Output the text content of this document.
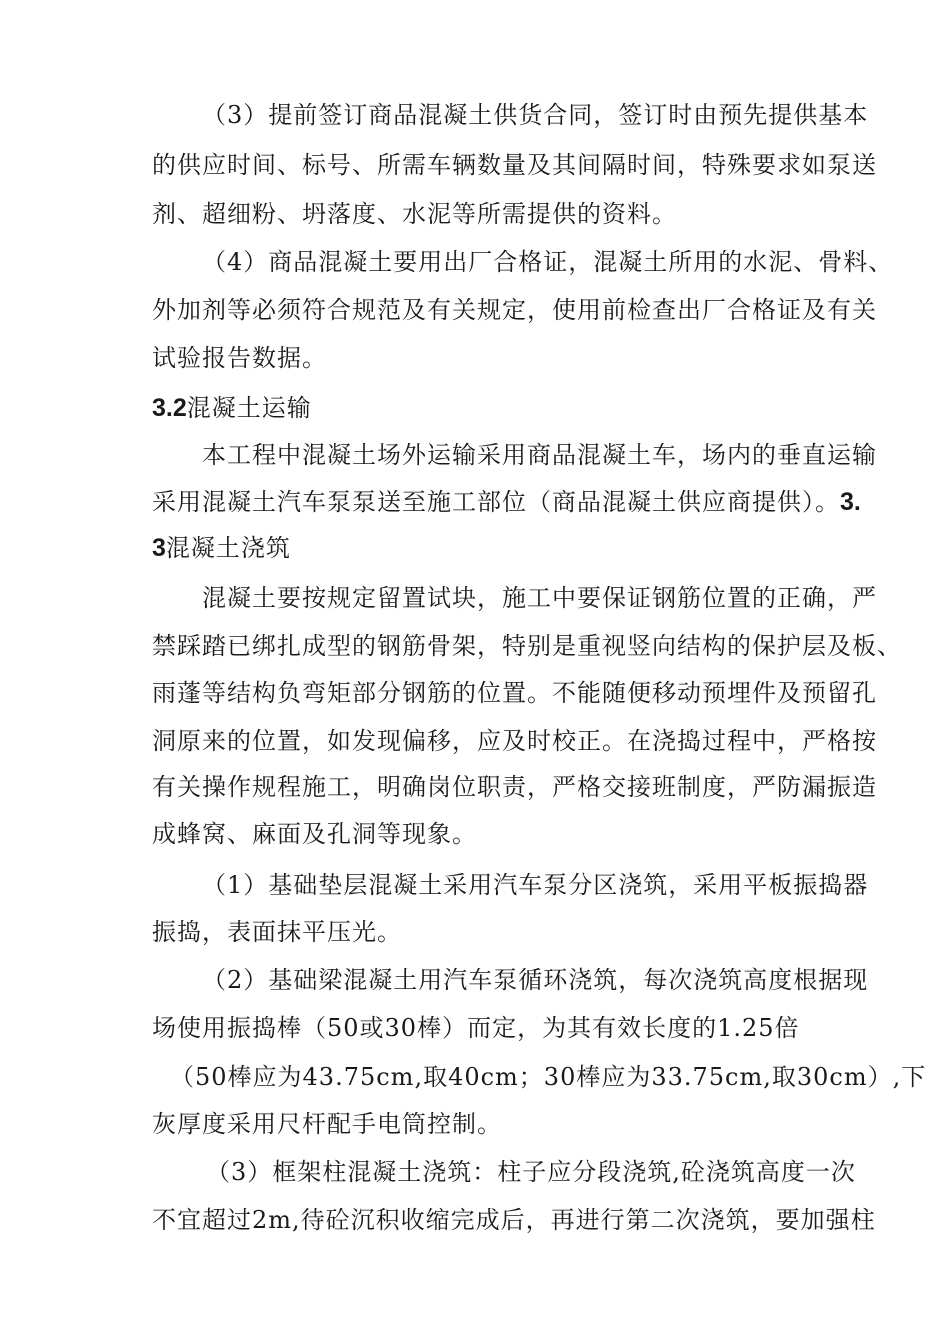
（3）提前签订商品混凝土供货合同，签订时由预先提供基本

的供应时间、标号、所需车辆数量及其间隔时间，特殊要求如泵送

剂、超细粉、坍落度、水泥等所需提供的资料。

（4）商品混凝土要用出厂合格证，混凝土所用的水泥、骨料、

外加剂等必须符合规范及有关规定，使用前检查出厂合格证及有关

试验报告数据。

3.2混凝土运输

本工程中混凝土场外运输采用商品混凝土车，场内的垂直运输

采用混凝土汽车泵泵送至施工部位（商品混凝土供应商提供）。3.

3混凝土浇筑

混凝土要按规定留置试块，施工中要保证钢筋位置的正确，严

禁踩踏已绑扎成型的钢筋骨架，特别是重视竖向结构的保护层及板、

雨蓬等结构负弯矩部分钢筋的位置。不能随便移动预埋件及预留孔

洞原来的位置，如发现偏移，应及时校正。在浇捣过程中，严格按

有关操作规程施工，明确岗位职责，严格交接班制度，严防漏振造

成蜂窝、麻面及孔洞等现象。

（1）基础垫层混凝土采用汽车泵分区浇筑，采用平板振捣器

振捣，表面抹平压光。

（2）基础梁混凝土用汽车泵循环浇筑，每次浇筑高度根据现

场使用振捣棒（50或30棒）而定，为其有效长度的1.25倍

（50棒应为43.75cm,取40cm；30棒应为33.75cm,取30cm）,下

灰厚度采用尺杆配手电筒控制。

（3）框架柱混凝土浇筑：柱子应分段浇筑,砼浇筑高度一次

不宜超过2m,待砼沉积收缩完成后，再进行第二次浇筑，要加强柱
